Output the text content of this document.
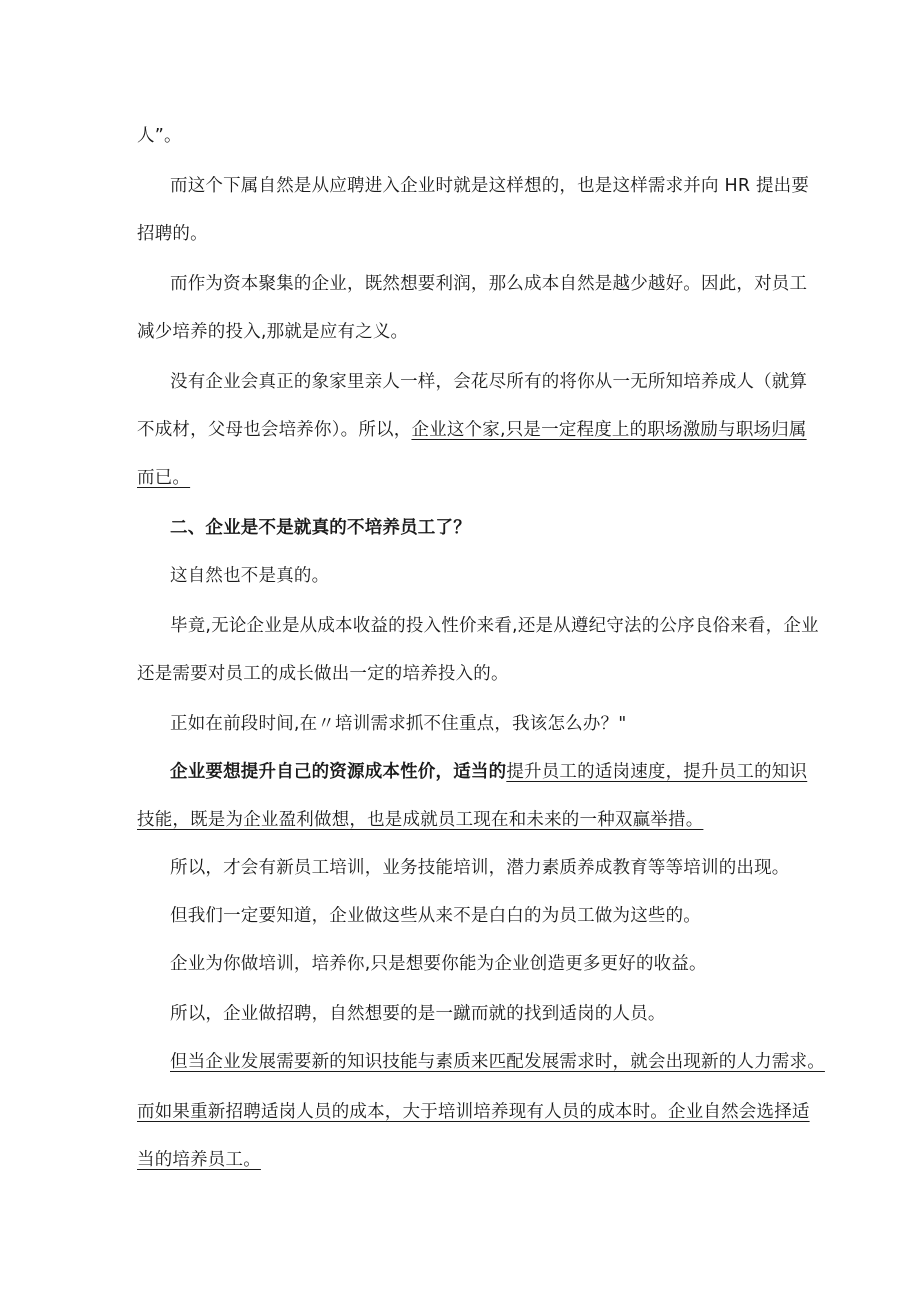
人”。
而这个下属自然是从应聘进入企业时就是这样想的，也是这样需求并向 HR 提出要
招聘的。
而作为资本聚集的企业，既然想要利润，那么成本自然是越少越好。因此，对员工
减少培养的投入,那就是应有之义。
没有企业会真正的象家里亲人一样，会花尽所有的将你从一无所知培养成人（就算
不成材，父母也会培养你）。所以，企业这个家,只是一定程度上的职场激励与职场归属
而已。
二、企业是不是就真的不培养员工了？
这自然也不是真的。
毕竟,无论企业是从成本收益的投入性价来看,还是从遵纪守法的公序良俗来看，企业
还是需要对员工的成长做出一定的培养投入的。
正如在前段时间,在〃培训需求抓不住重点，我该怎么办？"
企业要想提升自己的资源成本性价，适当的提升员工的适岗速度，提升员工的知识
技能，既是为企业盈利做想，也是成就员工现在和未来的一种双赢举措。
所以，才会有新员工培训，业务技能培训，潜力素质养成教育等等培训的出现。
但我们一定要知道，企业做这些从来不是白白的为员工做为这些的。
企业为你做培训，培养你,只是想要你能为企业创造更多更好的收益。
所以，企业做招聘，自然想要的是一蹴而就的找到适岗的人员。
但当企业发展需要新的知识技能与素质来匹配发展需求时，就会出现新的人力需求。
而如果重新招聘适岗人员的成本，大于培训培养现有人员的成本时。企业自然会选择适
当的培养员工。
